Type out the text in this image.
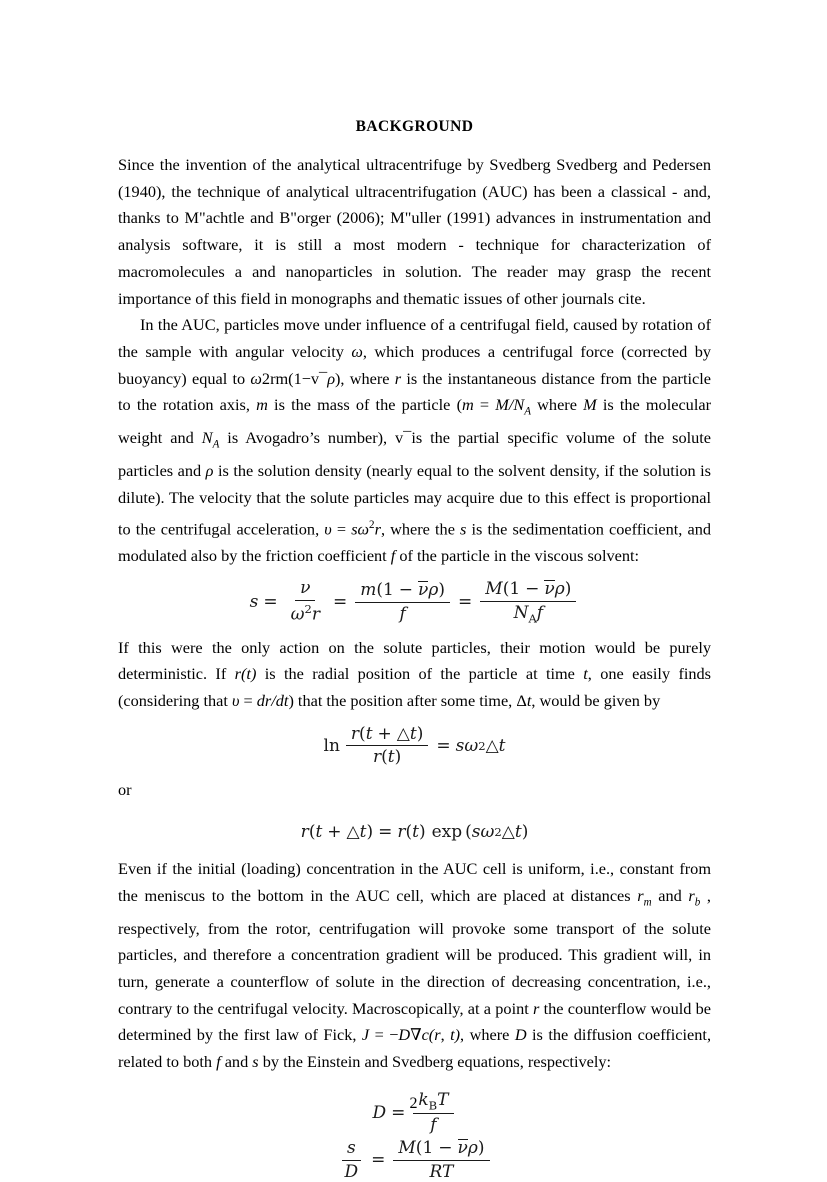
BACKGROUND

Since the invention of the analytical ultracentrifuge by Svedberg Svedberg and Pedersen (1940), the technique of analytical ultracentrifugation (AUC) has been a classical - and, thanks to M"achtle and B"orger (2006); M"uller (1991) advances in instrumentation and analysis software, it is still a most modern - technique for characterization of macromolecules a and nanoparticles in solution. The reader may grasp the recent importance of this field in monographs and thematic issues of other journals cite.

In the AUC, particles move under influence of a centrifugal field, caused by rotation of the sample with angular velocity ω, which produces a centrifugal force (corrected by buoyancy) equal to ω2rm(1−v¯ρ), where r is the instantaneous distance from the particle to the rotation axis, m is the mass of the particle ($m = M/N_A$ where M is the molecular weight and $N_A$ is Avogadro’s number), v¯is the partial specific volume of the solute particles and ρ is the solution density (nearly equal to the solvent density, if the solution is dilute). The velocity that the solute particles may acquire due to this effect is proportional to the centrifugal acceleration, $\upsilon = s\omega^2r$, where the s is the sedimentation coefficient, and modulated also by the friction coefficient f of the particle in the viscous solvent:

$s = \frac{\nu}{\omega^2r} = \frac{m(1 - \nu\rho)}{f} = \frac{M(1 - \nu\rho)}{N_Af}$

If this were the only action on the solute particles, their motion would be purely deterministic. If r(t) is the radial position of the particle at time t, one easily finds (considering that υ = dr/dt) that the position after some time, Δt, would be given by

$\ln \frac{r(t + \triangle t)}{r(t)} = s$ ω 2 △ t

or

r ( t + △ t ) = r ( t ) exp ( s ω 2 △ t )

Even if the initial (loading) concentration in the AUC cell is uniform, i.e., constant from the meniscus to the bottom in the AUC cell, which are placed at distances $r_m$ and $r_b$ , respectively, from the rotor, centrifugation will provoke some transport of the solute particles, and therefore a concentration gradient will be produced. This gradient will, in turn, generate a counterflow of solute in the direction of decreasing concentration, i.e., contrary to the centrifugal velocity. Macroscopically, at a point r the counterflow would be determined by the first law of Fick, J = −D∇c(r, t), where D is the diffusion coefficient, related to both f and s by the Einstein and Svedberg equations, respectively:

$D = \frac{k_BT}{f}$
$\frac{s}{D} = \frac{M(1 - \nu\rho)}{RT}$
2
